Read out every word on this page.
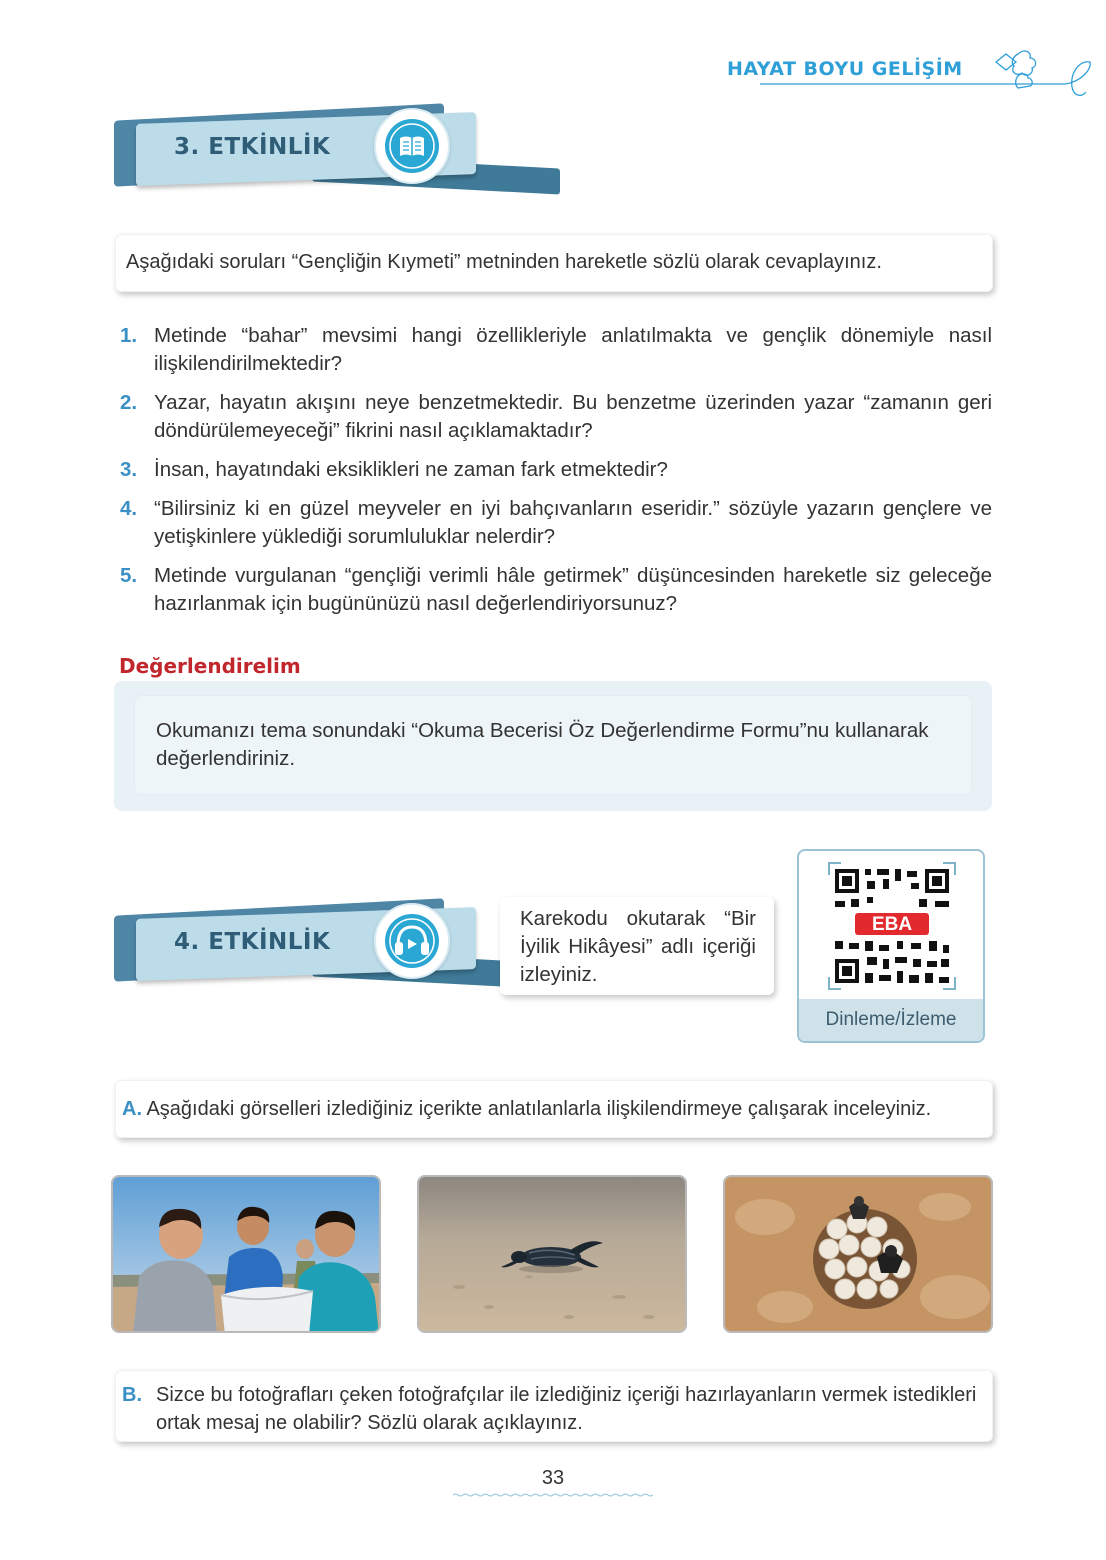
HAYAT BOYU GELİŞİM
3. ETKİNLİK
Aşağıdaki soruları “Gençliğin Kıymeti” metninden hareketle sözlü olarak cevaplayınız.
1. Metinde “bahar” mevsimi hangi özellikleriyle anlatılmakta ve gençlik dönemiyle nasıl ilişkilendirilmektedir?
2. Yazar, hayatın akışını neye benzetmektedir. Bu benzetme üzerinden yazar “zamanın geri döndürülemeyeceği” fikrini nasıl açıklamaktadır?
3. İnsan, hayatındaki eksiklikleri ne zaman fark etmektedir?
4. “Bilirsiniz ki en güzel meyveler en iyi bahçıvanların eseridir.” sözüyle yazarın gençlere ve yetişkinlere yüklediği sorumluluklar nelerdir?
5. Metinde vurgulanan “gençliği verimli hâle getirmek” düşüncesinden hareketle siz geleceğe hazırlanmak için bugününüzü nasıl değerlendiriyorsunuz?
Değerlendirelim
Okumanızı tema sonundaki “Okuma Becerisi Öz Değerlendirme Formu”nu kullanarak değerlendiriniz.
4. ETKİNLİK
Karekodu okutarak “Bir İyilik Hikâyesi” adlı içeriği izleyiniz.
EBA
Dinleme/İzleme
A. Aşağıdaki görselleri izlediğiniz içerikte anlatılanlarla ilişkilendirmeye çalışarak inceleyiniz.
B. Sizce bu fotoğrafları çeken fotoğrafçılar ile izlediğiniz içeriği hazırlayanların vermek istedikleri ortak mesaj ne olabilir? Sözlü olarak açıklayınız.
33
